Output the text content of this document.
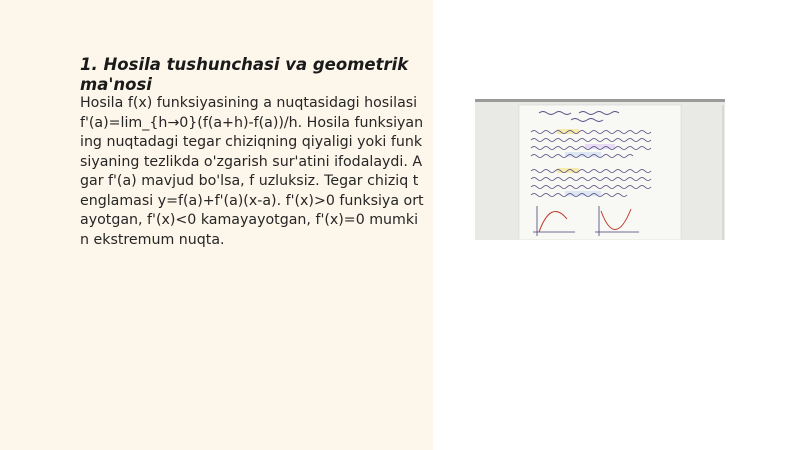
1. Hosila tushunchasi va geometrik ma'nosi

Hosila f(x) funksiyasining a nuqtasidagi hosilasi f'(a)=lim_{h→0}(f(a+h)-f(a))/h. Hosila funksiyaning nuqtadagi tegar chiziqning qiyaligi yoki funksiyaning tezlikda o'zgarish sur'atini ifodalaydi. Agar f'(a) mavjud bo'lsa, f uzluksiz. Tegar chiziq tenglamasi y=f(a)+f'(a)(x-a). f'(x)>0 funksiya ortayotgan, f'(x)<0 kamayayotgan, f'(x)=0 mumkin ekstremum nuqta.
